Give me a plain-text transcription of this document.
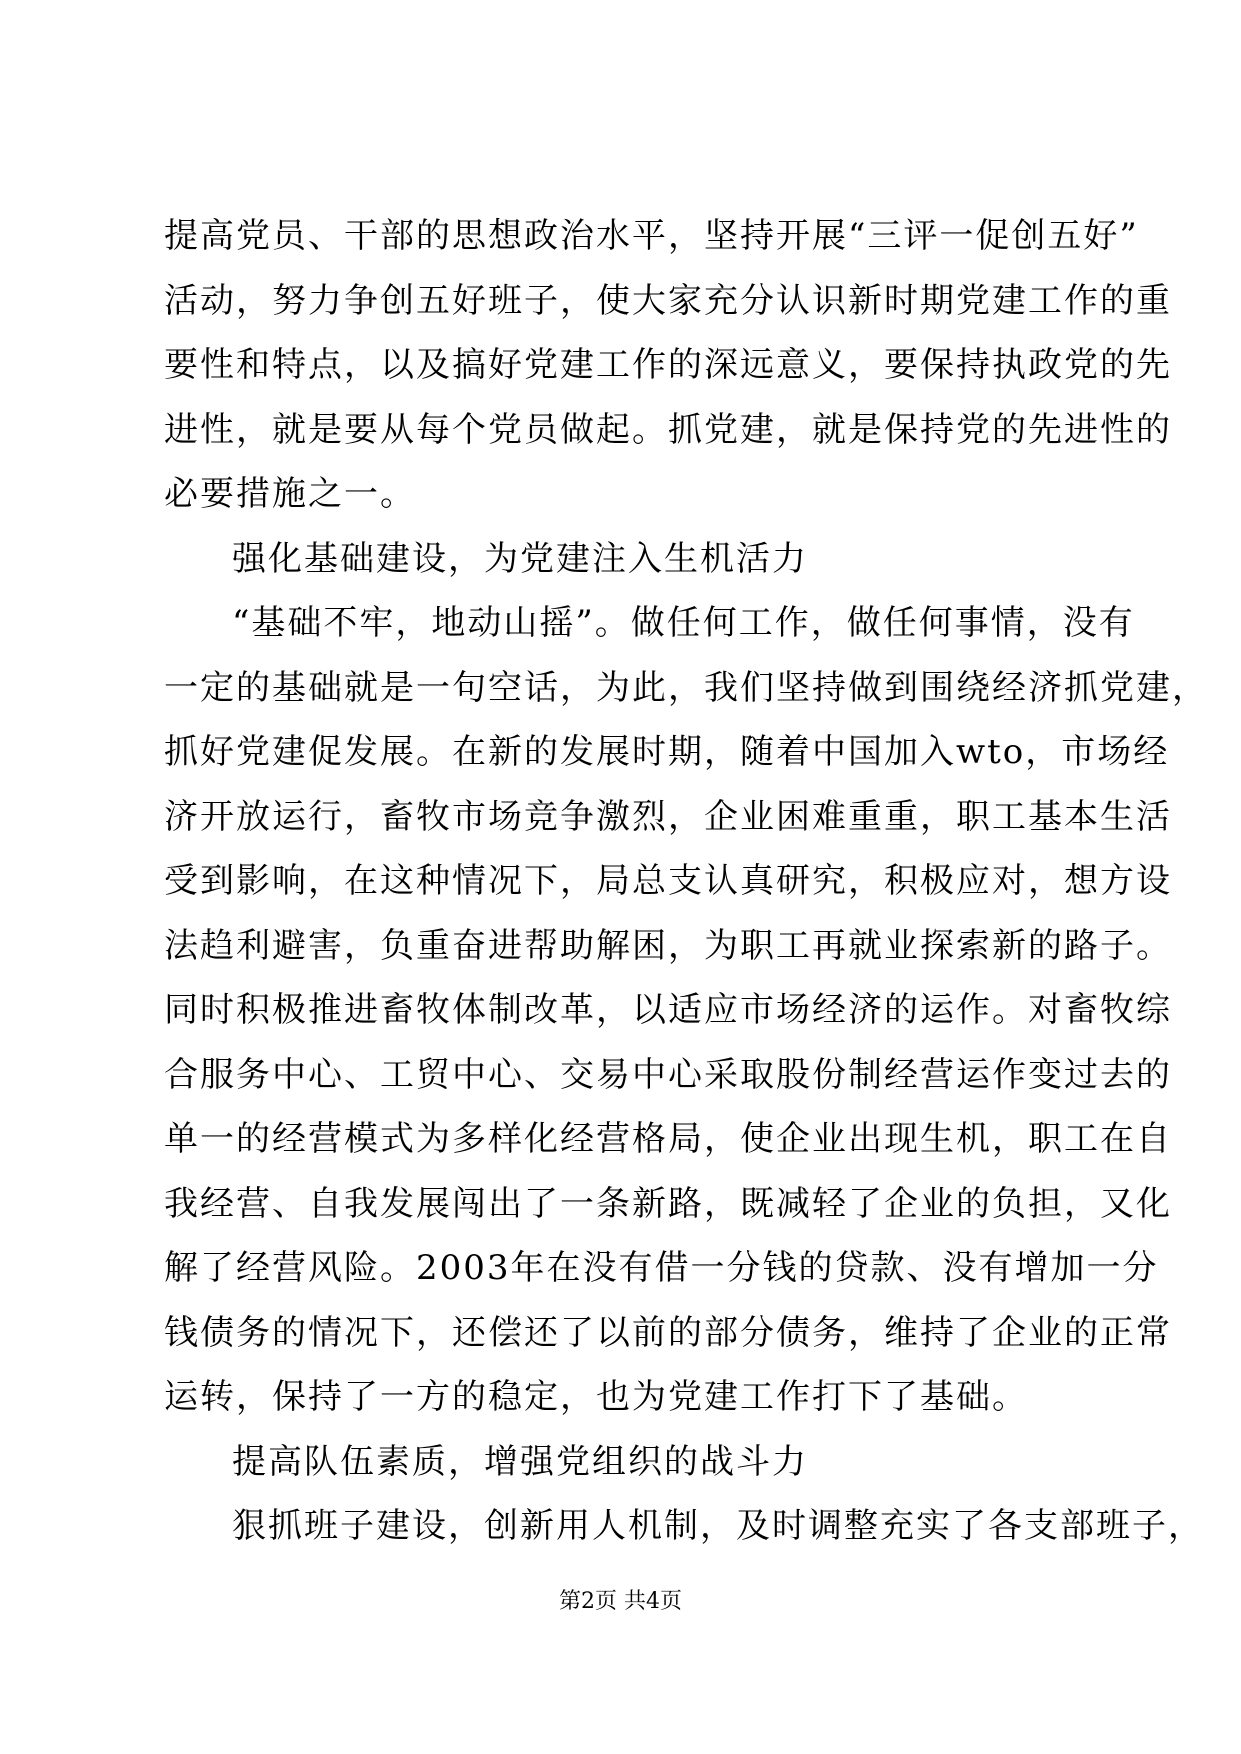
提高党员、干部的思想政治水平，坚持开展“三评一促创五好”
活动，努力争创五好班子，使大家充分认识新时期党建工作的重
要性和特点，以及搞好党建工作的深远意义，要保持执政党的先
进性，就是要从每个党员做起。抓党建，就是保持党的先进性的
必要措施之一。
强化基础建设，为党建注入生机活力
“基础不牢，地动山摇”。做任何工作，做任何事情，没有
一定的基础就是一句空话，为此，我们坚持做到围绕经济抓党建，
抓好党建促发展。在新的发展时期，随着中国加入wto，市场经
济开放运行，畜牧市场竞争激烈，企业困难重重，职工基本生活
受到影响，在这种情况下，局总支认真研究，积极应对，想方设
法趋利避害，负重奋进帮助解困，为职工再就业探索新的路子。
同时积极推进畜牧体制改革，以适应市场经济的运作。对畜牧综
合服务中心、工贸中心、交易中心采取股份制经营运作变过去的
单一的经营模式为多样化经营格局，使企业出现生机，职工在自
我经营、自我发展闯出了一条新路，既减轻了企业的负担，又化
解了经营风险。2003年在没有借一分钱的贷款、没有增加一分
钱债务的情况下，还偿还了以前的部分债务，维持了企业的正常
运转，保持了一方的稳定，也为党建工作打下了基础。
提高队伍素质，增强党组织的战斗力
狠抓班子建设，创新用人机制，及时调整充实了各支部班子，
第2页 共4页
